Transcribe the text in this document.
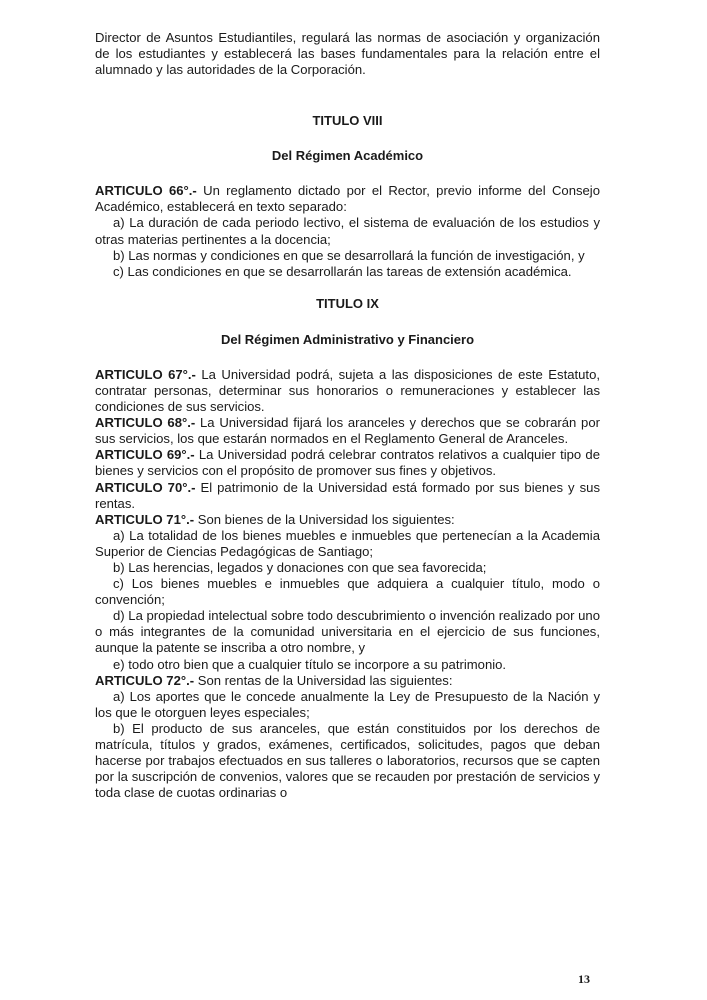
Director de Asuntos Estudiantiles, regulará las normas de asociación y organización de los estudiantes y establecerá las bases fundamentales para la relación entre el alumnado y las autoridades de la Corporación.

TITULO VIII
Del Régimen Académico

ARTICULO 66°.- Un reglamento dictado por el Rector, previo informe del Consejo Académico, establecerá en texto separado:

a) La duración de cada periodo lectivo, el sistema de evaluación de los estudios y otras materias pertinentes a la docencia;

b) Las normas y condiciones en que se desarrollará la función de investigación, y

c) Las condiciones en que se desarrollarán las tareas de extensión académica.

TITULO IX
Del Régimen Administrativo y Financiero

ARTICULO 67°.- La Universidad podrá, sujeta a las disposiciones de este Estatuto, contratar personas, determinar sus honorarios o remuneraciones y establecer las condiciones de sus servicios.

ARTICULO 68°.- La Universidad fijará los aranceles y derechos que se cobrarán por sus servicios, los que estarán normados en el Reglamento General de Aranceles.

ARTICULO 69°.- La Universidad podrá celebrar contratos relativos a cualquier tipo de bienes y servicios con el propósito de promover sus fines y objetivos.

ARTICULO 70°.- El patrimonio de la Universidad está formado por sus bienes y sus rentas.

ARTICULO 71°.- Son bienes de la Universidad los siguientes:

a) La totalidad de los bienes muebles e inmuebles que pertenecían a la Academia Superior de Ciencias Pedagógicas de Santiago;

b) Las herencias, legados y donaciones con que sea favorecida;

c) Los bienes muebles e inmuebles que adquiera a cualquier título, modo o convención;

d) La propiedad intelectual sobre todo descubrimiento o invención realizado por uno o más integrantes de la comunidad universitaria en el ejercicio de sus funciones, aunque la patente se inscriba a otro nombre, y

e) todo otro bien que a cualquier título se incorpore a su patrimonio.

ARTICULO 72°.- Son rentas de la Universidad las siguientes:

a) Los aportes que le concede anualmente la Ley de Presupuesto de la Nación y los que le otorguen leyes especiales;

b) El producto de sus aranceles, que están constituidos por los derechos de matrícula, títulos y grados, exámenes, certificados, solicitudes, pagos que deban hacerse por trabajos efectuados en sus talleres o laboratorios, recursos que se capten por la suscripción de convenios, valores que se recauden por prestación de servicios y toda clase de cuotas ordinarias o

13
